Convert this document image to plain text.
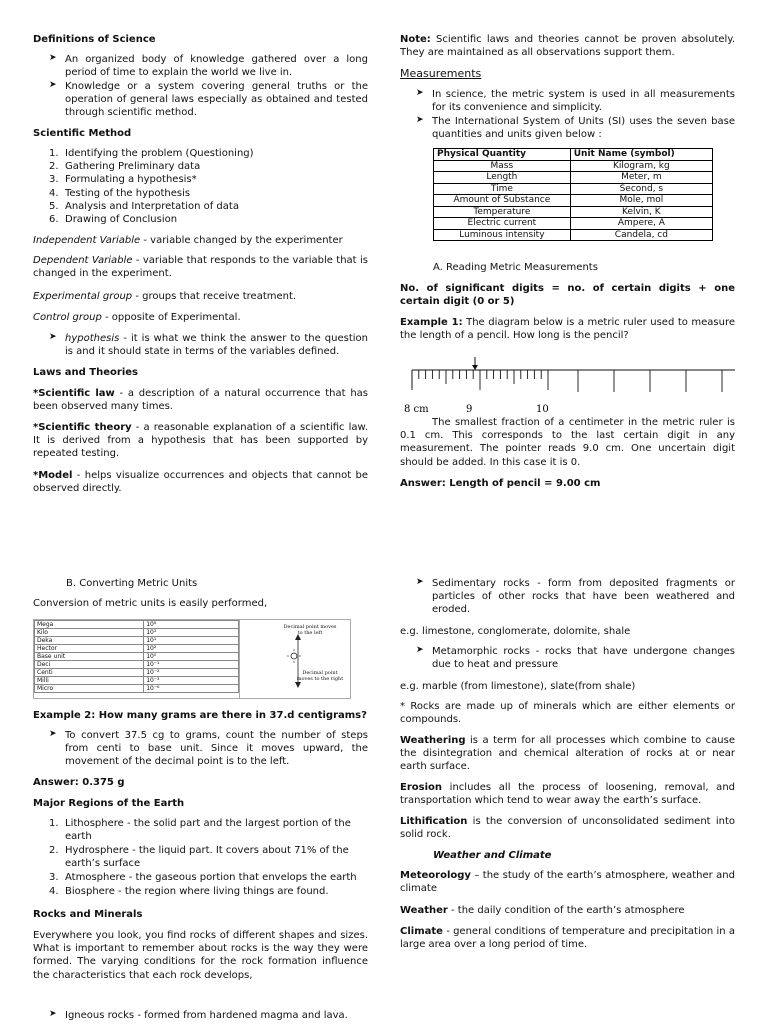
Definitions of Science
➤ An organized body of knowledge gathered over a long period of time to explain the world we live in.
➤ Knowledge or a system covering general truths or the operation of general laws especially as obtained and tested through scientific method.
Scientific Method
1. Identifying the problem (Questioning)
2. Gathering Preliminary data
3. Formulating a hypothesis*
4. Testing of the hypothesis
5. Analysis and Interpretation of data
6. Drawing of Conclusion
Independent Variable - variable changed by the experimenter
Dependent Variable - variable that responds to the variable that is changed in the experiment.
Experimental group - groups that receive treatment.
Control group - opposite of Experimental.
➤ hypothesis - it is what we think the answer to the question is and it should state in terms of the variables defined.
Laws and Theories
*Scientific law - a description of a natural occurrence that has been observed many times.
*Scientific theory - a reasonable explanation of a scientific law. It is derived from a hypothesis that has been supported by repeated testing.
*Model - helps visualize occurrences and objects that cannot be observed directly.
Note: Scientific laws and theories cannot be proven absolutely. They are maintained as all observations support them.
Measurements
➤ In science, the metric system is used in all measurements for its convenience and simplicity.
➤ The International System of Units (SI) uses the seven base quantities and units given below :
Physical Quantity	Unit Name (symbol)
Mass	Kilogram, kg
Length	Meter, m
Time	Second, s
Amount of Substance	Mole, mol
Temperature	Kelvin, K
Electric current	Ampere, A
Luminous intensity	Candela, cd
A. Reading Metric Measurements
No. of significant digits = no. of certain digits + one certain digit (0 or 5)
Example 1: The diagram below is a metric ruler used to measure the length of a pencil. How long is the pencil?
8 cm	9	10
The smallest fraction of a centimeter in the metric ruler is 0.1 cm. This corresponds to the last certain digit in any measurement. The pointer reads 9.0 cm. One uncertain digit should be added. In this case it is 0.
Answer: Length of pencil = 9.00 cm
B. Converting Metric Units
Conversion of metric units is easily performed,
Mega	10⁶
Kilo	10³
Deka	10¹
Hector	10²
Base unit	10⁰
Deci	10⁻¹
Centi	10⁻²
Milli	10⁻³
Micro	10⁻⁶
Decimal point moves to the left
Decimal point moves to the right
Example 2: How many grams are there in 37.d centigrams?
➤ To convert 37.5 cg to grams, count the number of steps from centi to base unit. Since it moves upward, the movement of the decimal point is to the left.
Answer: 0.375 g
Major Regions of the Earth
1. Lithosphere - the solid part and the largest portion of the earth
2. Hydrosphere - the liquid part. It covers about 71% of the earth’s surface
3. Atmosphere - the gaseous portion that envelops the earth
4. Biosphere - the region where living things are found.
Rocks and Minerals
Everywhere you look, you find rocks of different shapes and sizes. What is important to remember about rocks is the way they were formed. The varying conditions for the rock formation influence the characteristics that each rock develops,
➤ Igneous rocks - formed from hardened magma and lava.
➤ Sedimentary rocks - form from deposited fragments or particles of other rocks that have been weathered and eroded.
e.g. limestone, conglomerate, dolomite, shale
➤ Metamorphic rocks - rocks that have undergone changes due to heat and pressure
e.g. marble (from limestone), slate(from shale)
* Rocks are made up of minerals which are either elements or compounds.
Weathering is a term for all processes which combine to cause the disintegration and chemical alteration of rocks at or near earth surface.
Erosion includes all the process of loosening, removal, and transportation which tend to wear away the earth’s surface.
Lithification is the conversion of unconsolidated sediment into solid rock.
Weather and Climate
Meteorology – the study of the earth’s atmosphere, weather and climate
Weather - the daily condition of the earth’s atmosphere
Climate - general conditions of temperature and precipitation in a large area over a long period of time.
